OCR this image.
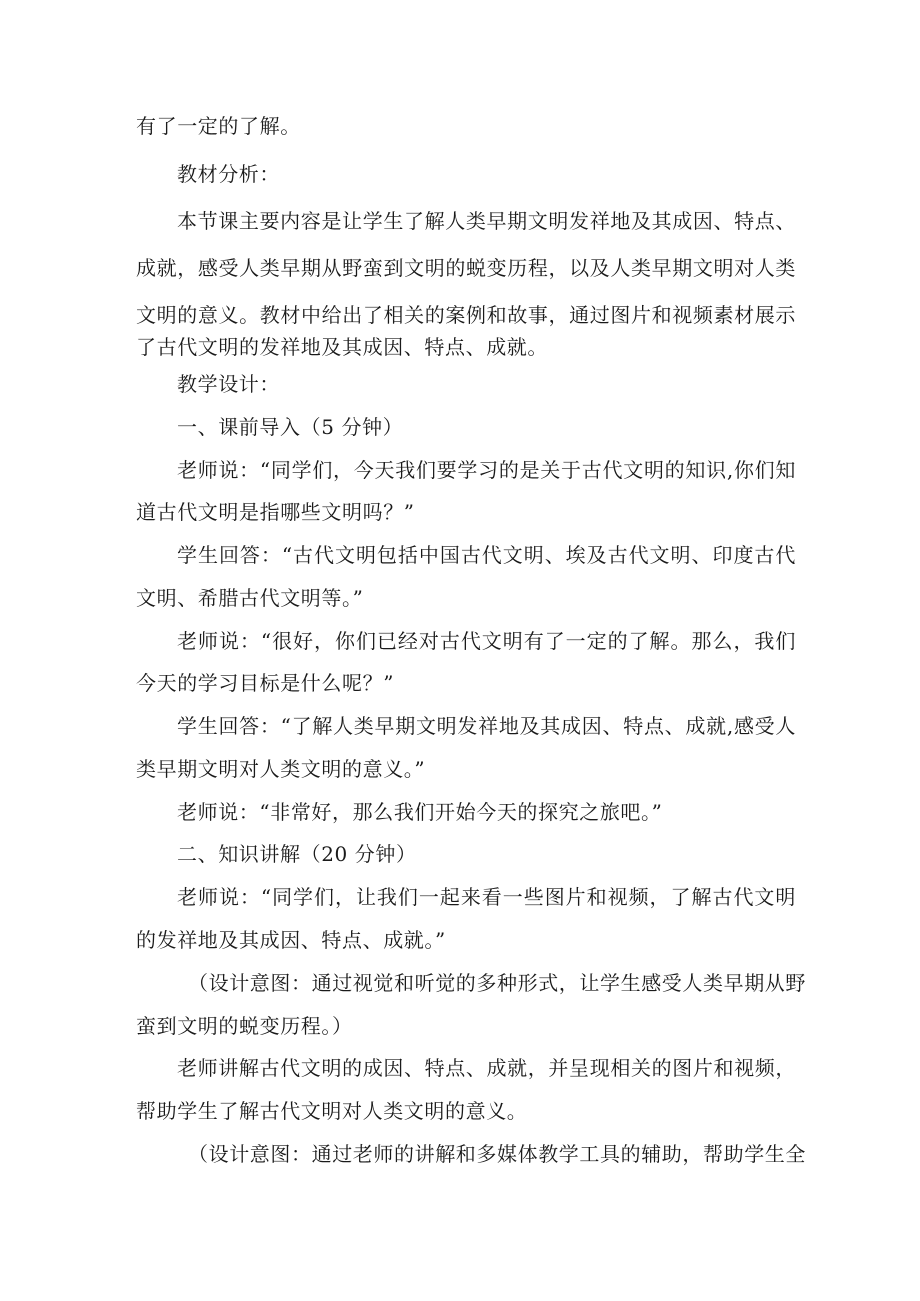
有了一定的了解。
教材分析：
本节课主要内容是让学生了解人类早期文明发祥地及其成因、特点、
成就，感受人类早期从野蛮到文明的蜕变历程，以及人类早期文明对人类
文明的意义。教材中给出了相关的案例和故事，通过图片和视频素材展示
了古代文明的发祥地及其成因、特点、成就。
教学设计：
一、课前导入（5 分钟）
老师说：“同学们，今天我们要学习的是关于古代文明的知识,你们知
道古代文明是指哪些文明吗？”
学生回答：“古代文明包括中国古代文明、埃及古代文明、印度古代
文明、希腊古代文明等。”
老师说：“很好，你们已经对古代文明有了一定的了解。那么，我们
今天的学习目标是什么呢？”
学生回答：“了解人类早期文明发祥地及其成因、特点、成就,感受人
类早期文明对人类文明的意义。”
老师说：“非常好，那么我们开始今天的探究之旅吧。”
二、知识讲解（20 分钟）
老师说：“同学们，让我们一起来看一些图片和视频，了解古代文明
的发祥地及其成因、特点、成就。”
（设计意图：通过视觉和听觉的多种形式，让学生感受人类早期从野
蛮到文明的蜕变历程。）
老师讲解古代文明的成因、特点、成就，并呈现相关的图片和视频，
帮助学生了解古代文明对人类文明的意义。
（设计意图：通过老师的讲解和多媒体教学工具的辅助，帮助学生全
